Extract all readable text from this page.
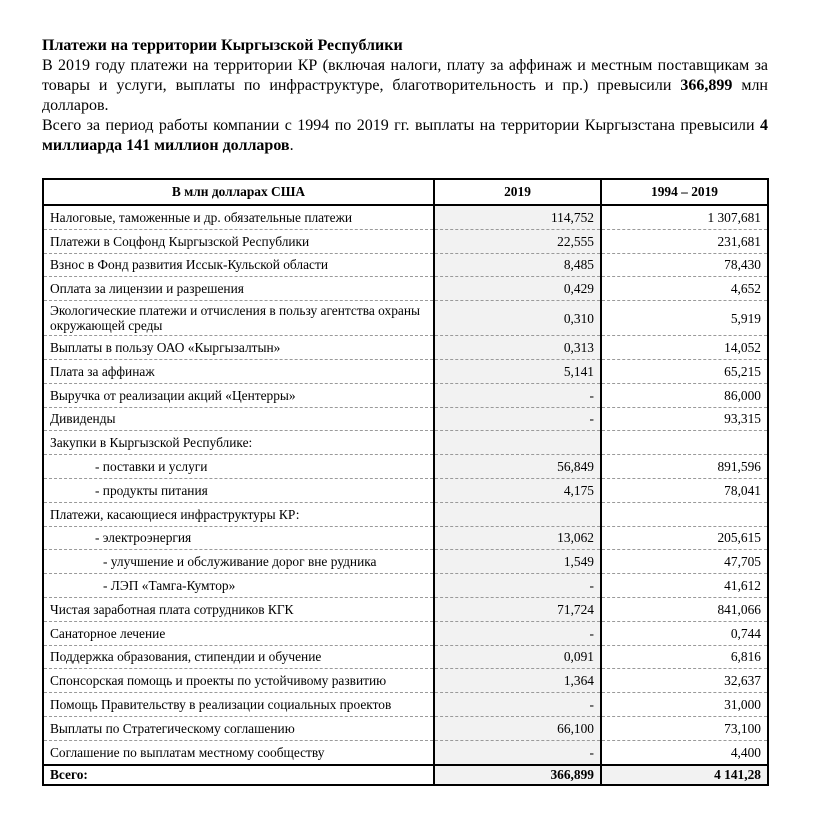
Платежи на территории Кыргызской Республики
В 2019 году платежи на территории КР (включая налоги, плату за аффинаж и местным поставщикам за товары и услуги, выплаты по инфраструктуре, благотворительность и пр.) превысили 366,899 млн долларов.
Всего за период работы компании с 1994 по 2019 гг. выплаты на территории Кыргызстана превысили 4 миллиарда 141 миллион долларов.
В млн долларах США	2019	1994 – 2019
Налоговые, таможенные и др. обязательные платежи	114,752	1 307,681
Платежи в Соцфонд Кыргызской Республики	22,555	231,681
Взнос в Фонд развития Иссык-Кульской области	8,485	78,430
Оплата за лицензии и разрешения	0,429	4,652
Экологические платежи и отчисления в пользу агентства охраны окружающей среды	0,310	5,919
Выплаты в пользу ОАО «Кыргызалтын»	0,313	14,052
Плата за аффинаж	5,141	65,215
Выручка от реализации акций «Центерры»	-	86,000
Дивиденды	-	93,315
Закупки в Кыргызской Республике:		
- поставки и услуги	56,849	891,596
- продукты питания	4,175	78,041
Платежи, касающиеся инфраструктуры КР:		
- электроэнергия	13,062	205,615
- улучшение и обслуживание дорог вне рудника	1,549	47,705
- ЛЭП «Тамга-Кумтор»	-	41,612
Чистая заработная плата сотрудников КГК	71,724	841,066
Санаторное лечение	-	0,744
Поддержка образования, стипендии и обучение	0,091	6,816
Спонсорская помощь и проекты по устойчивому развитию	1,364	32,637
Помощь Правительству в реализации социальных проектов	-	31,000
Выплаты по Стратегическому соглашению	66,100	73,100
Соглашение по выплатам местному сообществу	-	4,400
Всего:	366,899	4 141,28
